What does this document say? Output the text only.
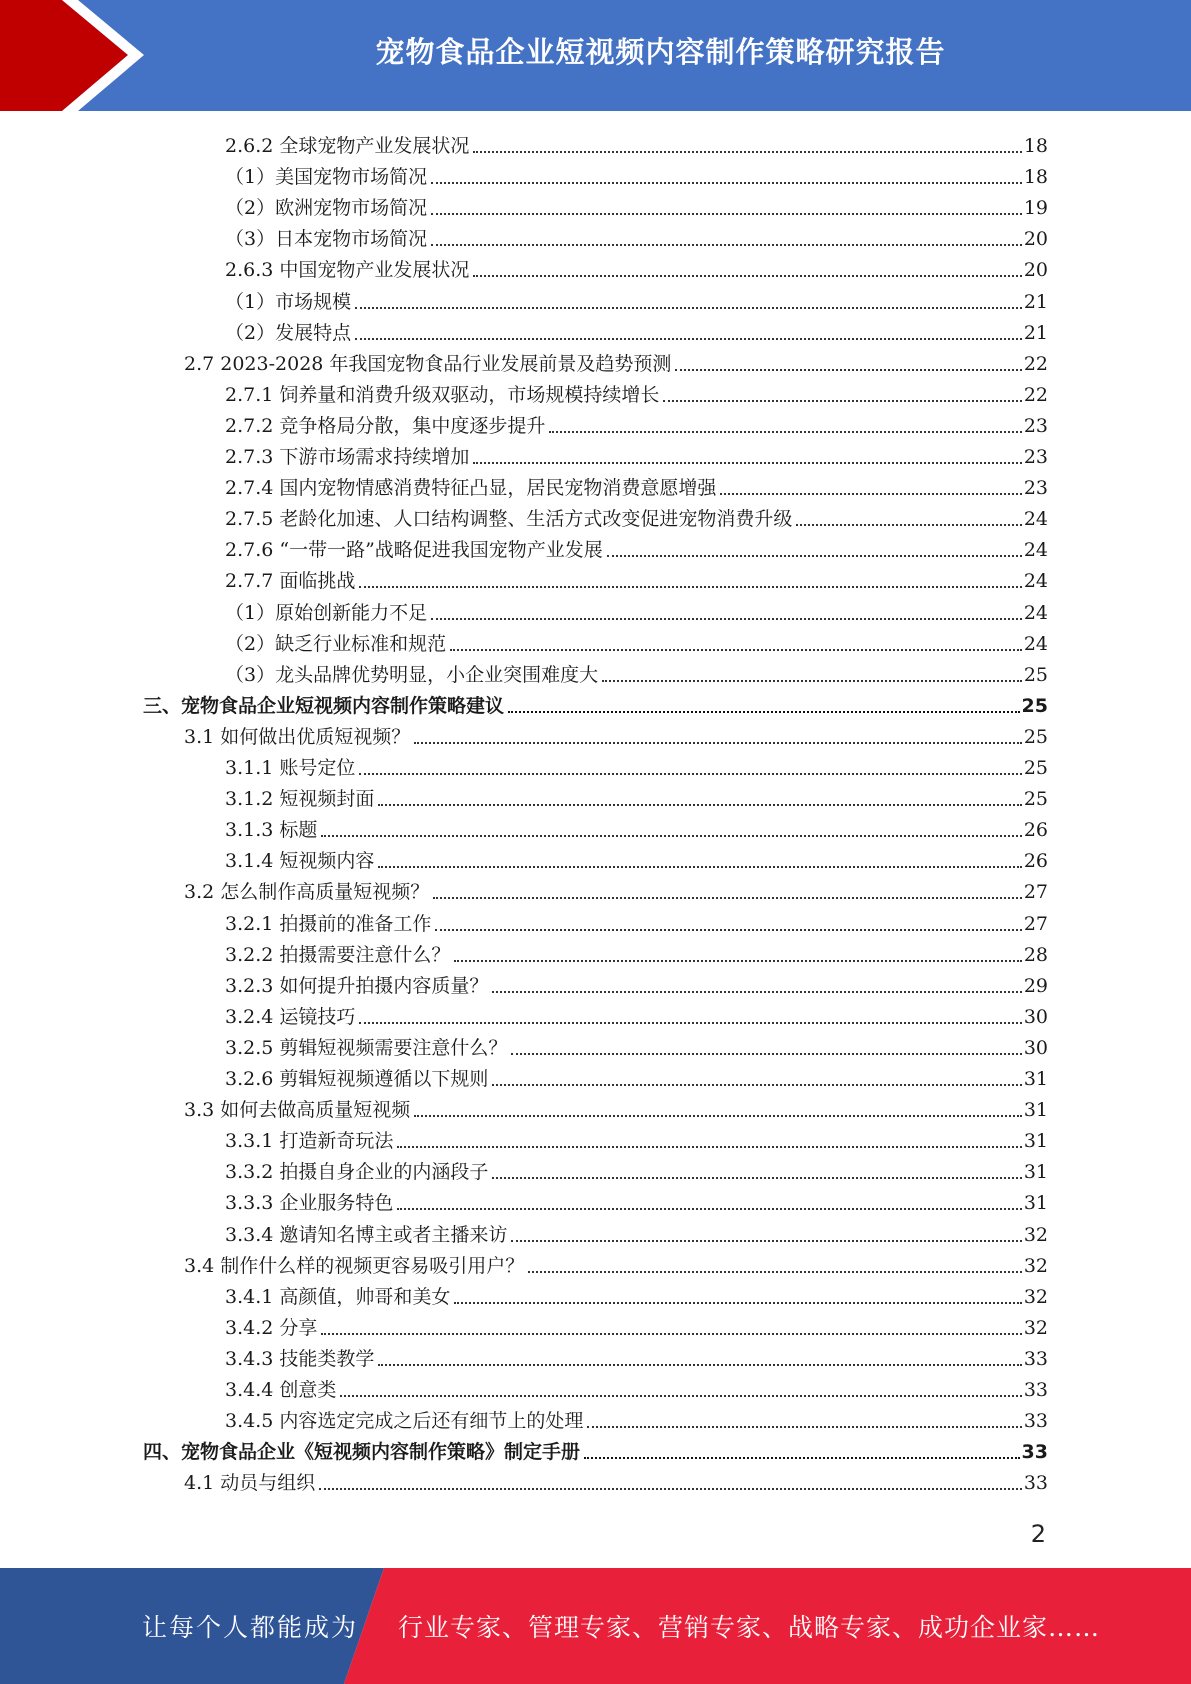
宠物食品企业短视频内容制作策略研究报告
2.6.2 全球宠物产业发展状况	18
（1）美国宠物市场简况	18
（2）欧洲宠物市场简况	19
（3）日本宠物市场简况	20
2.6.3 中国宠物产业发展状况	20
（1）市场规模	21
（2）发展特点	21
2.7 2023-2028 年我国宠物食品行业发展前景及趋势预测	22
2.7.1 饲养量和消费升级双驱动，市场规模持续增长	22
2.7.2 竞争格局分散，集中度逐步提升	23
2.7.3 下游市场需求持续增加	23
2.7.4 国内宠物情感消费特征凸显，居民宠物消费意愿增强	23
2.7.5 老龄化加速、人口结构调整、生活方式改变促进宠物消费升级	24
2.7.6 “一带一路”战略促进我国宠物产业发展	24
2.7.7 面临挑战	24
（1）原始创新能力不足	24
（2）缺乏行业标准和规范	24
（3）龙头品牌优势明显，小企业突围难度大	25
三、宠物食品企业短视频内容制作策略建议	25
3.1 如何做出优质短视频？	25
3.1.1 账号定位	25
3.1.2 短视频封面	25
3.1.3 标题	26
3.1.4 短视频内容	26
3.2 怎么制作高质量短视频？	27
3.2.1 拍摄前的准备工作	27
3.2.2 拍摄需要注意什么？	28
3.2.3 如何提升拍摄内容质量？	29
3.2.4 运镜技巧	30
3.2.5 剪辑短视频需要注意什么？	30
3.2.6 剪辑短视频遵循以下规则	31
3.3 如何去做高质量短视频	31
3.3.1 打造新奇玩法	31
3.3.2 拍摄自身企业的内涵段子	31
3.3.3 企业服务特色	31
3.3.4 邀请知名博主或者主播来访	32
3.4 制作什么样的视频更容易吸引用户？	32
3.4.1 高颜值，帅哥和美女	32
3.4.2 分享	32
3.4.3 技能类教学	33
3.4.4 创意类	33
3.4.5 内容选定完成之后还有细节上的处理	33
四、宠物食品企业《短视频内容制作策略》制定手册	33
4.1 动员与组织	33
2
让每个人都能成为 行业专家、管理专家、营销专家、战略专家、成功企业家……
